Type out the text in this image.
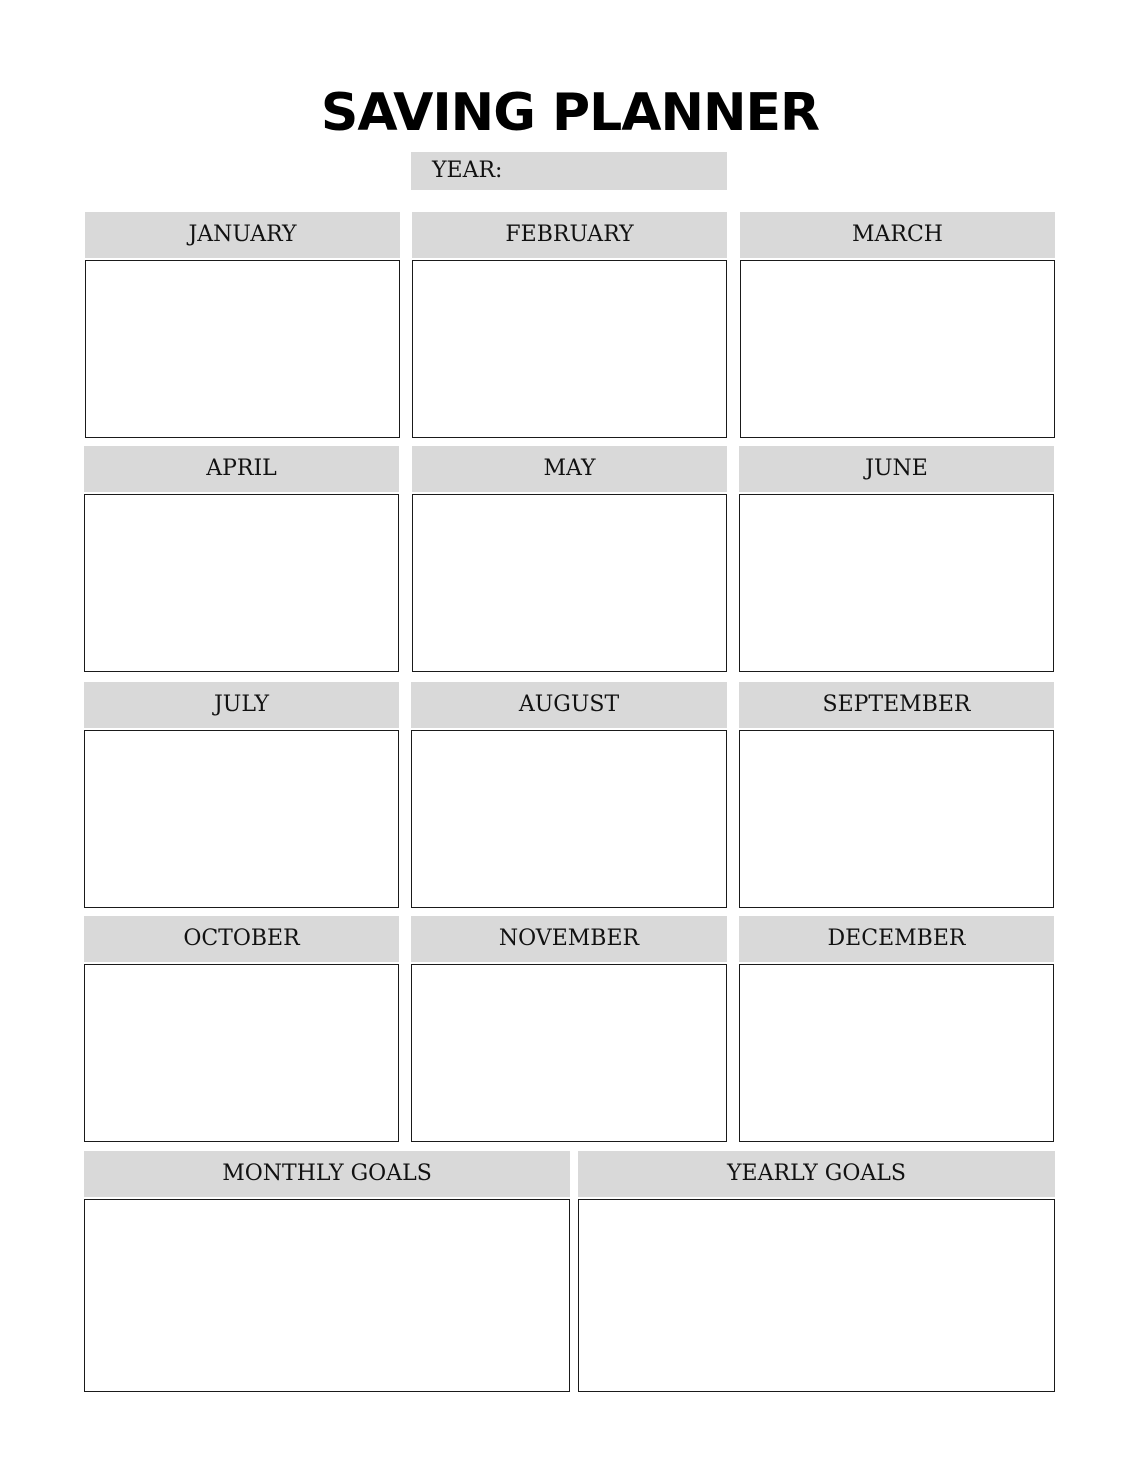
SAVING PLANNER
YEAR:
JANUARY	FEBRUARY	MARCH
APRIL	MAY	JUNE
JULY	AUGUST	SEPTEMBER
OCTOBER	NOVEMBER	DECEMBER
MONTHLY GOALS	YEARLY GOALS
